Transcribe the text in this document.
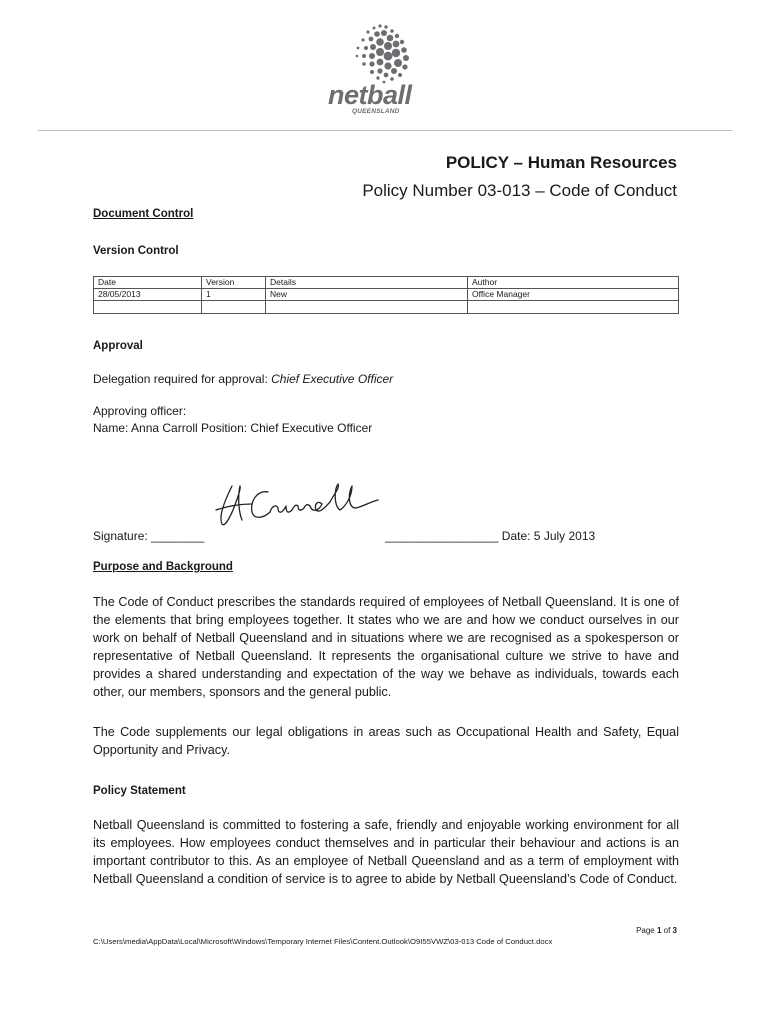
netball
QUEENSLAND
POLICY – Human Resources
Policy Number 03-013 – Code of Conduct
Document Control
Version Control
Date	Version	Details	Author
28/05/2013	1	New	Office Manager

Approval
Delegation required for approval: Chief Executive Officer
Approving officer:
Name: Anna Carroll Position: Chief Executive Officer
Signature: ________	_________________ Date: 5 July 2013
Purpose and Background
The Code of Conduct prescribes the standards required of employees of Netball Queensland. It is one of the elements that bring employees together. It states who we are and how we conduct ourselves in our work on behalf of Netball Queensland and in situations where we are recognised as a spokesperson or representative of Netball Queensland. It represents the organisational culture we strive to have and provides a shared understanding and expectation of the way we behave as individuals, towards each other, our members, sponsors and the general public.
The Code supplements our legal obligations in areas such as Occupational Health and Safety, Equal Opportunity and Privacy.
Policy Statement
Netball Queensland is committed to fostering a safe, friendly and enjoyable working environment for all its employees. How employees conduct themselves and in particular their behaviour and actions is an important contributor to this. As an employee of Netball Queensland and as a term of employment with Netball Queensland a condition of service is to agree to abide by Netball Queensland’s Code of Conduct.
Page 1 of 3
C:\Users\media\AppData\Local\Microsoft\Windows\Temporary Internet Files\Content.Outlook\O9I55VWZ\03-013 Code of Conduct.docx
